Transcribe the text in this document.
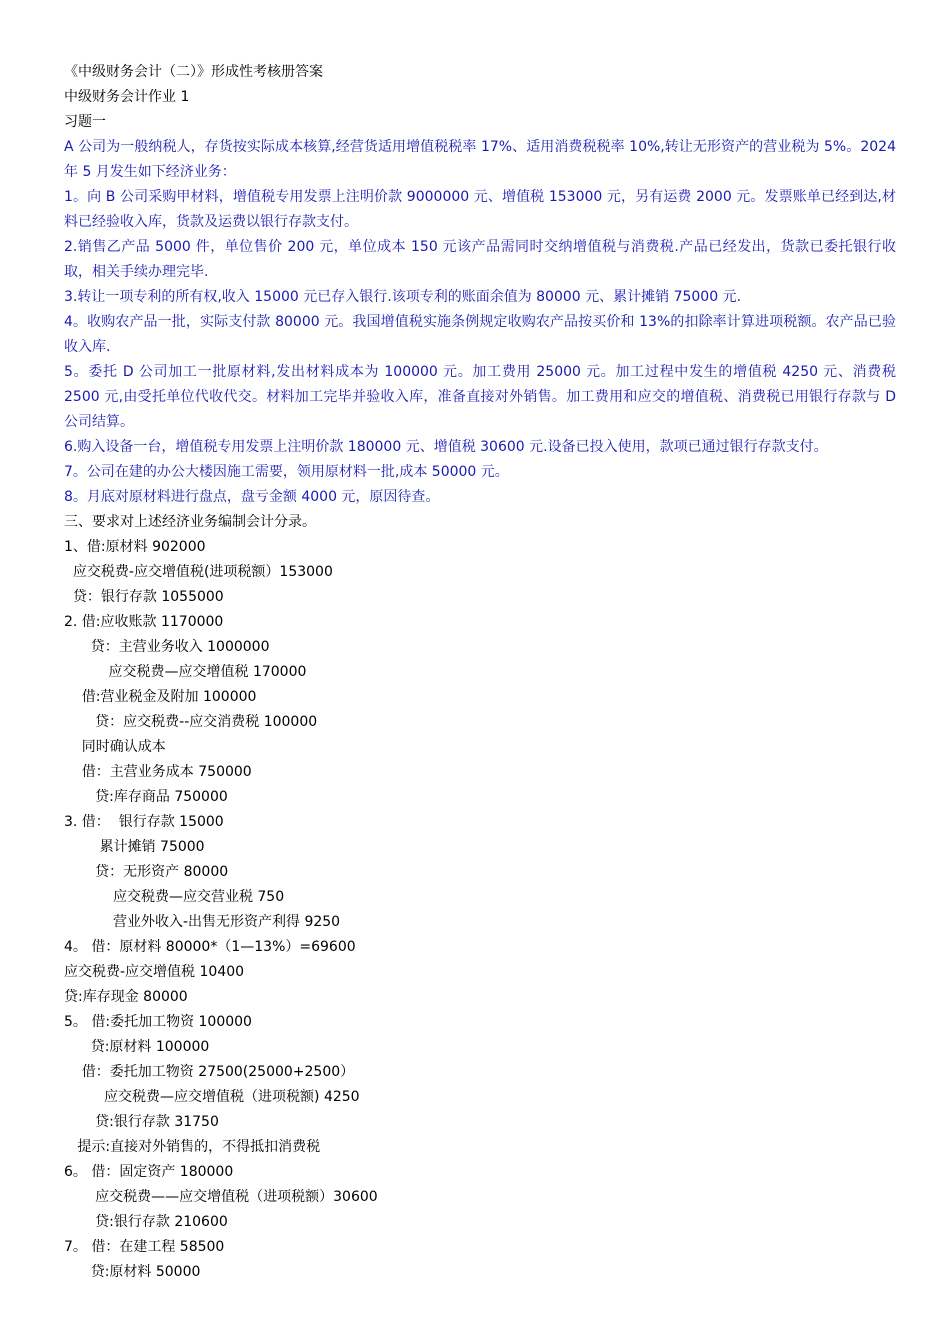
《中级财务会计（二）》形成性考核册答案
中级财务会计作业 1
习题一
A 公司为一般纳税人，存货按实际成本核算,经营货适用增值税税率 17%、适用消费税税率 10%,转让无形资产的营业税为 5%。2024 年 5 月发生如下经济业务：
1。向 B 公司采购甲材料，增值税专用发票上注明价款 9000000 元、增值税 153000 元，另有运费 2000 元。发票账单已经到达,材料已经验收入库，货款及运费以银行存款支付。
2.销售乙产品 5000 件，单位售价 200 元，单位成本 150 元该产品需同时交纳增值税与消费税.产品已经发出，货款已委托银行收取，相关手续办理完毕.
3.转让一项专利的所有权,收入 15000 元已存入银行.该项专利的账面余值为 80000 元、累计摊销 75000 元.
4。收购农产品一批，实际支付款 80000 元。我国增值税实施条例规定收购农产品按买价和 13%的扣除率计算进项税额。农产品已验收入库.
5。委托 D 公司加工一批原材料,发出材料成本为 100000 元。加工费用 25000 元。加工过程中发生的增值税 4250 元、消费税 2500 元,由受托单位代收代交。材料加工完毕并验收入库，准备直接对外销售。加工费用和应交的增值税、消费税已用银行存款与 D 公司结算。
6.购入设备一台，增值税专用发票上注明价款 180000 元、增值税 30600 元.设备已投入使用，款项已通过银行存款支付。
7。公司在建的办公大楼因施工需要，领用原材料一批,成本 50000 元。
8。月底对原材料进行盘点，盘亏金额 4000 元，原因待查。
三、要求对上述经济业务编制会计分录。
1、借:原材料 902000
应交税费-应交增值税(进项税额）153000
贷：银行存款 1055000
2. 借:应收账款 1170000
贷：主营业务收入 1000000
应交税费—应交增值税 170000
借:营业税金及附加 100000
贷：应交税费--应交消费税 100000
同时确认成本
借：主营业务成本 750000
贷:库存商品 750000
3. 借：  银行存款 15000
累计摊销 75000
贷：无形资产 80000
应交税费—应交营业税 750
营业外收入-出售无形资产利得 9250
4。 借：原材料 80000*（1—13%）=69600
应交税费-应交增值税 10400
贷:库存现金 80000
5。 借:委托加工物资 100000
贷:原材料 100000
借：委托加工物资 27500(25000+2500）
应交税费—应交增值税（进项税额) 4250
贷:银行存款 31750
提示:直接对外销售的，不得抵扣消费税
6。 借：固定资产 180000
应交税费——应交增值税（进项税额）30600
贷:银行存款 210600
7。 借：在建工程 58500
贷:原材料 50000
